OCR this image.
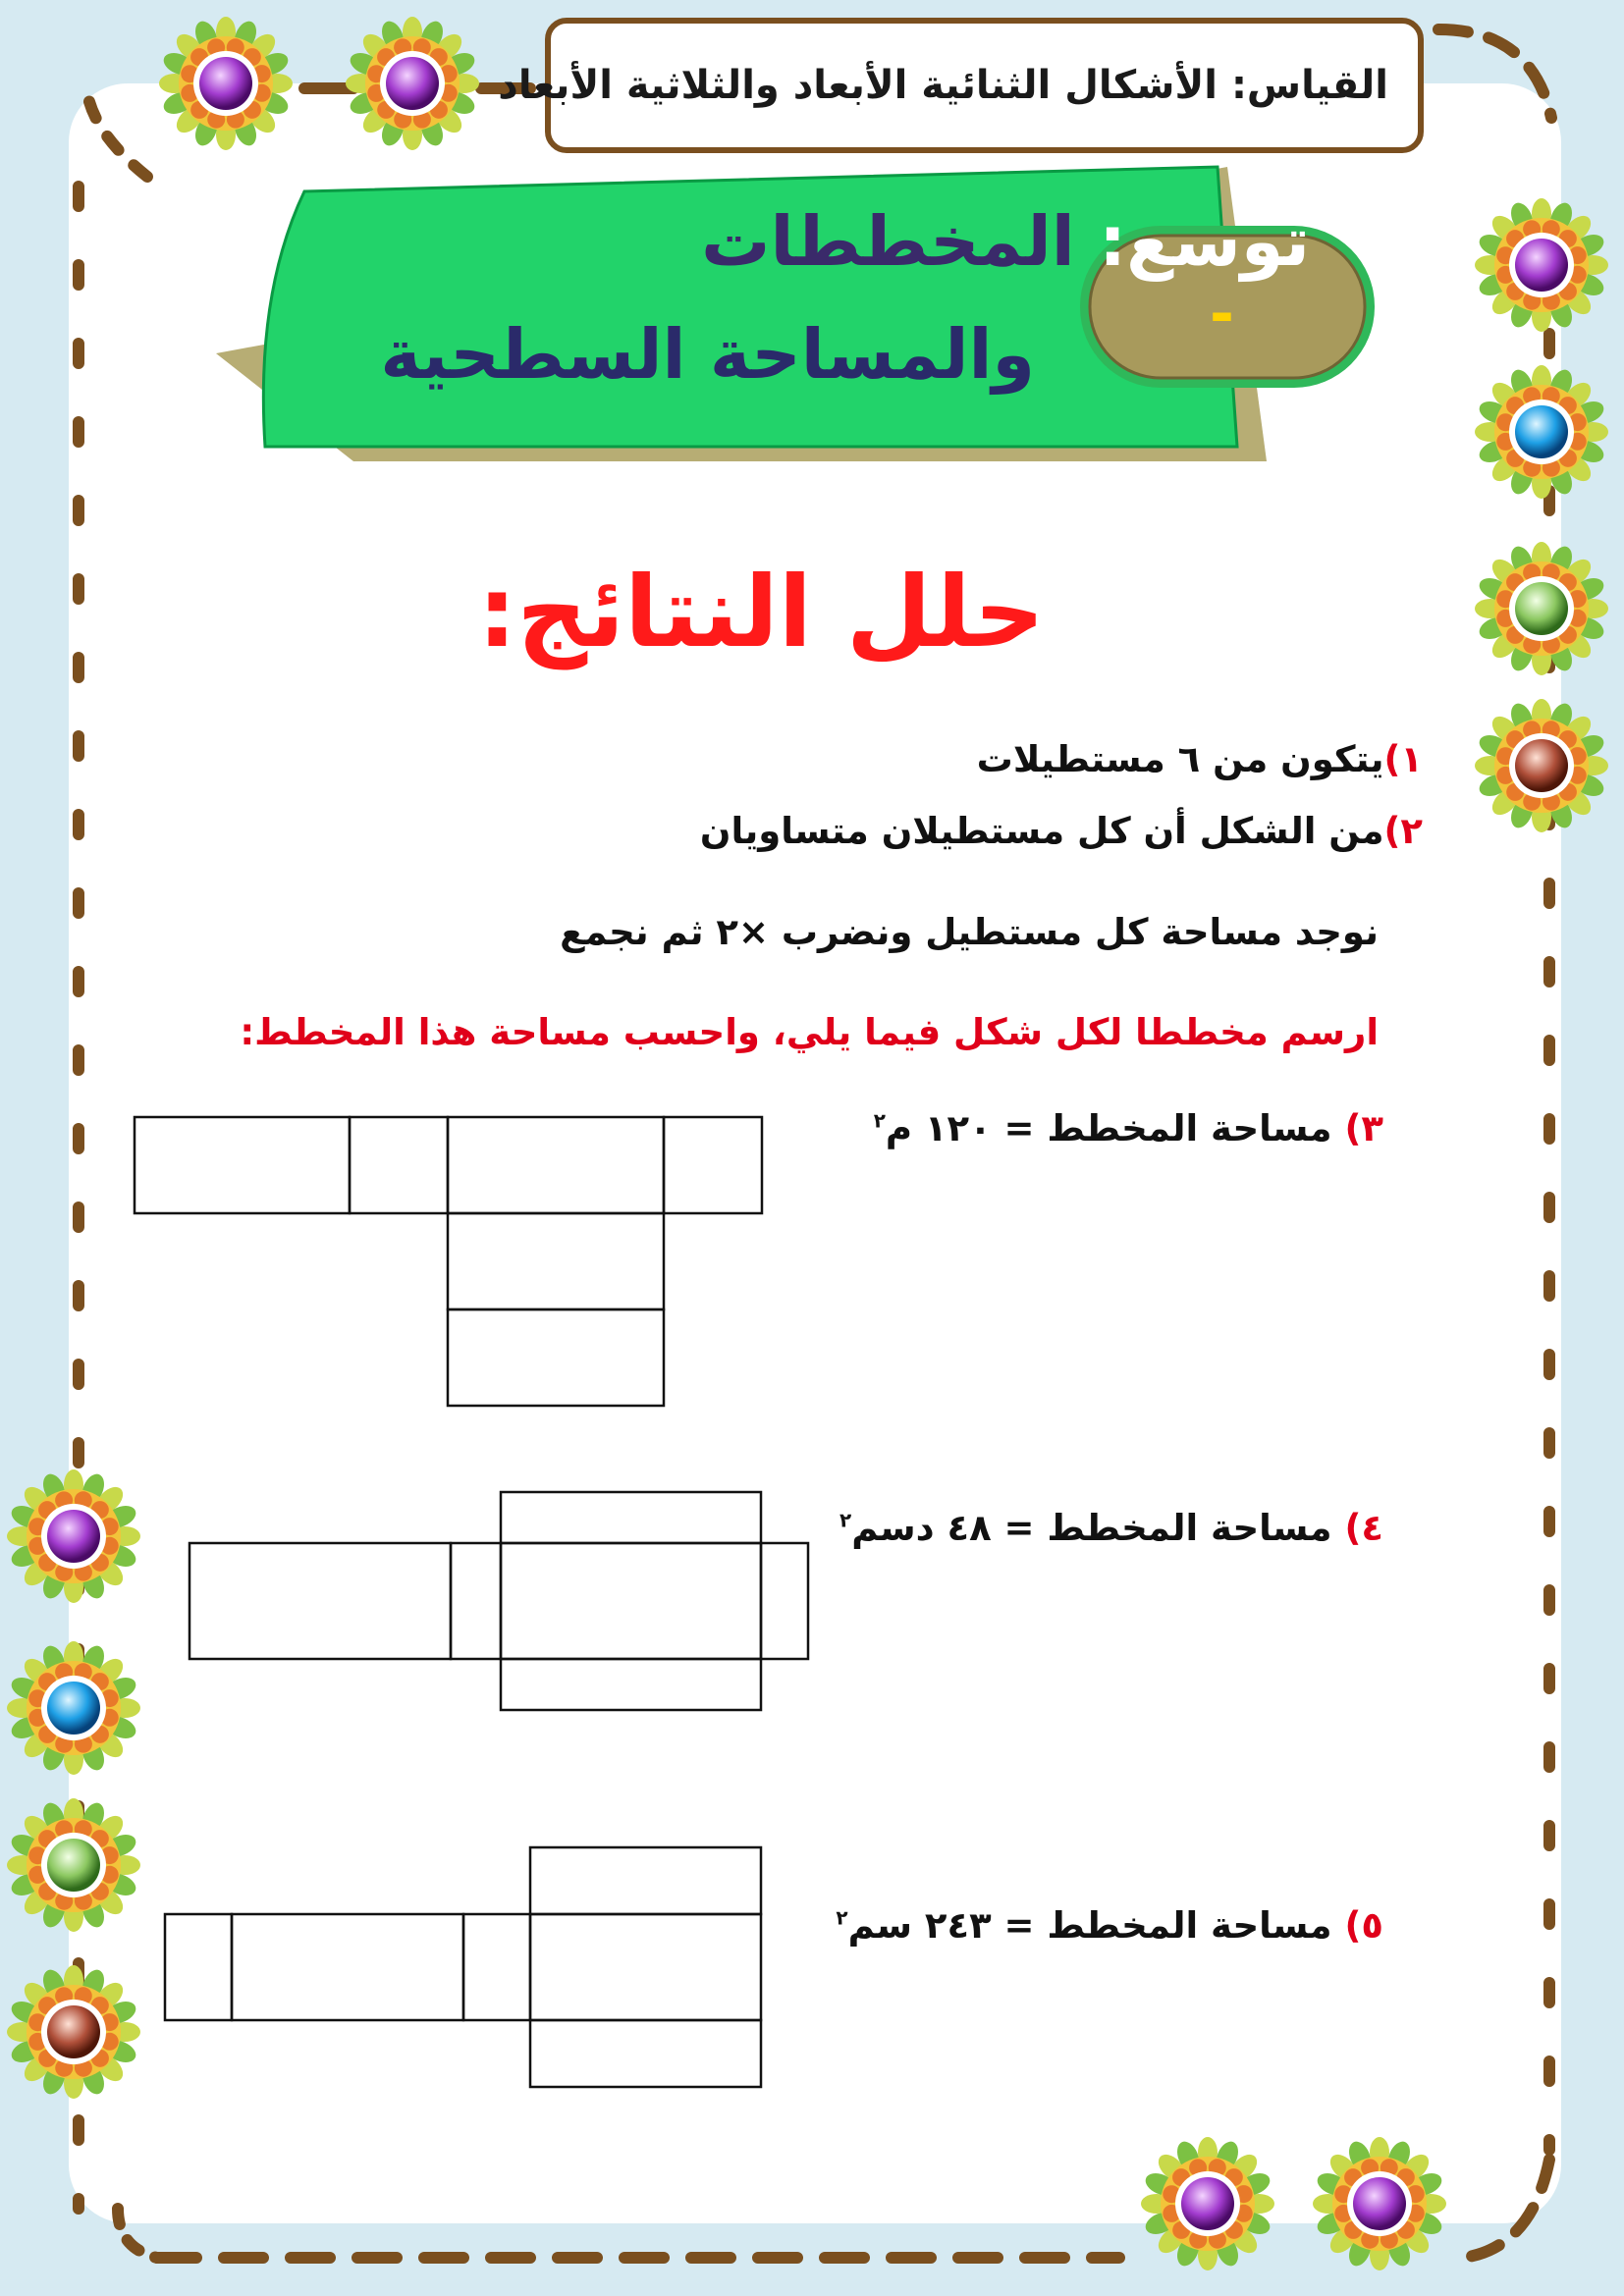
القياس: الأشكال الثنائية الأبعاد والثلاثية الأبعاد
توسع: المخططات
والمساحة السطحية	-
حلل النتائج:
١)يتكون من ٦ مستطيلات
٢)من الشكل أن كل مستطيلان متساويان
نوجد مساحة كل مستطيل ونضرب ×٢ ثم نجمع
ارسم مخططا لكل شكل فيما يلي، واحسب مساحة هذا المخطط:
٣) مساحة المخطط = ١٢٠ م$^٢$
٤) مساحة المخطط = ٤٨ دسم$^٢$
٥) مساحة المخطط = ٢٤٣ سم$^٢$
